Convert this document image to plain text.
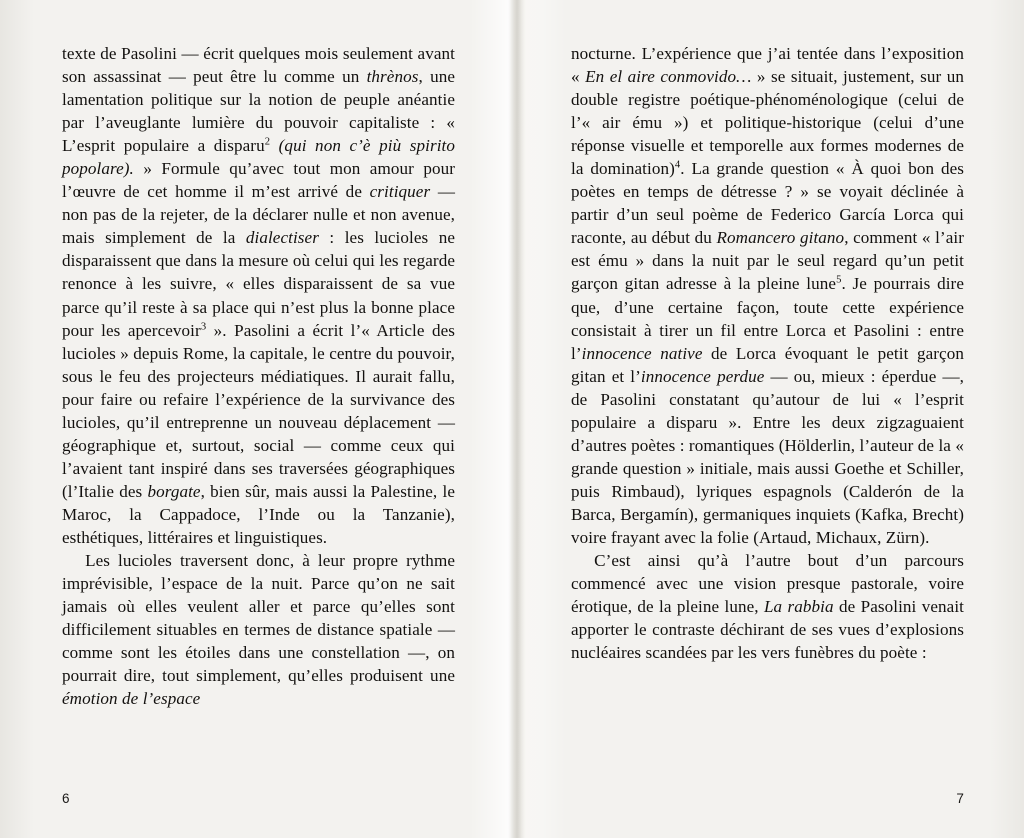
texte de Pasolini — écrit quelques mois seulement avant son assassinat — peut être lu comme un thrènos, une lamentation politique sur la notion de peuple anéantie par l’aveuglante lumière du pouvoir capitaliste : « L’esprit populaire a disparu$^2$ (qui non c’è più spirito popolare). » Formule qu’avec tout mon amour pour l’œuvre de cet homme il m’est arrivé de critiquer — non pas de la rejeter, de la déclarer nulle et non avenue, mais simplement de la dialectiser : les lucioles ne disparaissent que dans la mesure où celui qui les regarde renonce à les suivre, « elles disparaissent de sa vue parce qu’il reste à sa place qui n’est plus la bonne place pour les apercevoir$^3$ ». Pasolini a écrit l’« Article des lucioles » depuis Rome, la capitale, le centre du pouvoir, sous le feu des projecteurs médiatiques. Il aurait fallu, pour faire ou refaire l’expérience de la survivance des lucioles, qu’il entreprenne un nouveau déplacement — géographique et, surtout, social — comme ceux qui l’avaient tant inspiré dans ses traversées géographiques (l’Italie des borgate, bien sûr, mais aussi la Palestine, le Maroc, la Cappadoce, l’Inde ou la Tanzanie), esthétiques, littéraires et linguistiques.

Les lucioles traversent donc, à leur propre rythme imprévisible, l’espace de la nuit. Parce qu’on ne sait jamais où elles veulent aller et parce qu’elles sont difficilement situables en termes de distance spatiale — comme sont les étoiles dans une constellation —, on pourrait dire, tout simplement, qu’elles produisent une émotion de l’espace

nocturne. L’expérience que j’ai tentée dans l’exposition « En el aire conmovido… » se situait, justement, sur un double registre poétique-phénoménologique (celui de l’« air ému ») et politique-historique (celui d’une réponse visuelle et temporelle aux formes modernes de la domination)$^4$. La grande question « À quoi bon des poètes en temps de détresse ? » se voyait déclinée à partir d’un seul poème de Federico García Lorca qui raconte, au début du Romancero gitano, comment « l’air est ému » dans la nuit par le seul regard qu’un petit garçon gitan adresse à la pleine lune$^5$. Je pourrais dire que, d’une certaine façon, toute cette expérience consistait à tirer un fil entre Lorca et Pasolini : entre l’innocence native de Lorca évoquant le petit garçon gitan et l’innocence perdue — ou, mieux : éperdue —, de Pasolini constatant qu’autour de lui « l’esprit populaire a disparu ». Entre les deux zigzaguaient d’autres poètes : romantiques (Hölderlin, l’auteur de la « grande question » initiale, mais aussi Goethe et Schiller, puis Rimbaud), lyriques espagnols (Calderón de la Barca, Bergamín), germaniques inquiets (Kafka, Brecht) voire frayant avec la folie (Artaud, Michaux, Zürn).

C’est ainsi qu’à l’autre bout d’un parcours commencé avec une vision presque pastorale, voire érotique, de la pleine lune, La rabbia de Pasolini venait apporter le contraste déchirant de ses vues d’explosions nucléaires scandées par les vers funèbres du poète :

6	7
